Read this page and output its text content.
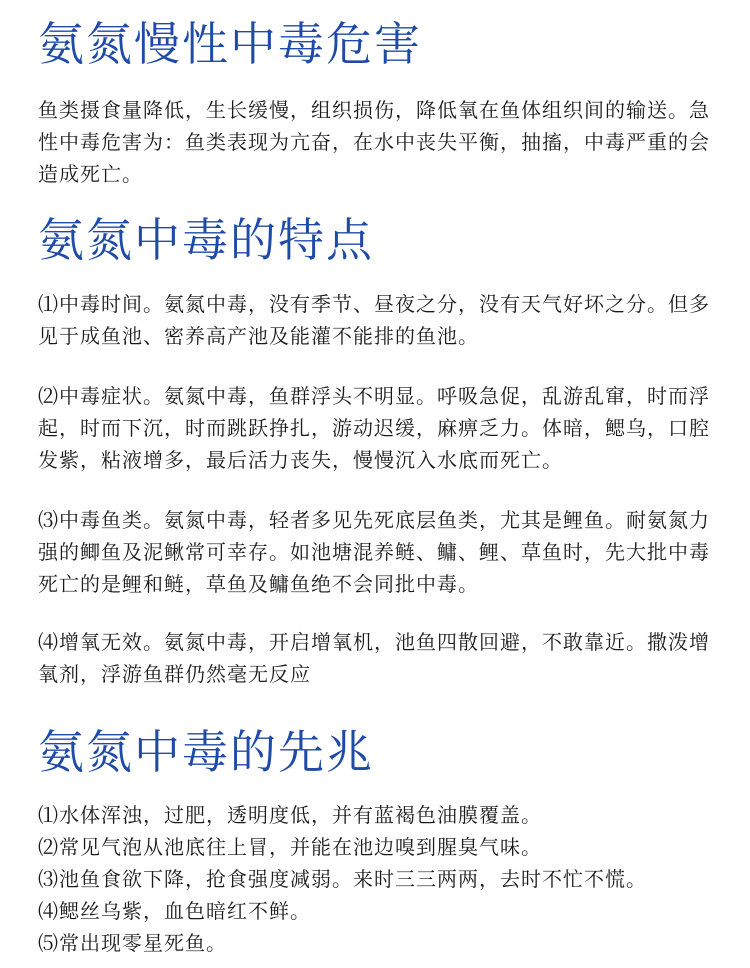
氨氮慢性中毒危害

鱼类摄食量降低，生长缓慢，组织损伤，降低氧在鱼体组织间的输送。急性中毒危害为：鱼类表现为亢奋，在水中丧失平衡，抽搐，中毒严重的会造成死亡。

氨氮中毒的特点

⑴中毒时间。氨氮中毒，没有季节、昼夜之分，没有天气好坏之分。但多见于成鱼池、密养高产池及能灌不能排的鱼池。

⑵中毒症状。氨氮中毒，鱼群浮头不明显。呼吸急促，乱游乱窜，时而浮起，时而下沉，时而跳跃挣扎，游动迟缓，麻痹乏力。体暗，鳃乌，口腔发紫，粘液增多，最后活力丧失，慢慢沉入水底而死亡。

⑶中毒鱼类。氨氮中毒，轻者多见先死底层鱼类，尤其是鲤鱼。耐氨氮力强的鲫鱼及泥鳅常可幸存。如池塘混养鲢、鳙、鲤、草鱼时，先大批中毒死亡的是鲤和鲢，草鱼及鳙鱼绝不会同批中毒。

⑷增氧无效。氨氮中毒，开启增氧机，池鱼四散回避，不敢靠近。撒泼增氧剂，浮游鱼群仍然毫无反应

氨氮中毒的先兆

⑴水体浑浊，过肥，透明度低，并有蓝褐色油膜覆盖。

⑵常见气泡从池底往上冒，并能在池边嗅到腥臭气味。

⑶池鱼食欲下降，抢食强度减弱。来时三三两两，去时不忙不慌。

⑷鳃丝乌紫，血色暗红不鲜。

⑸常出现零星死鱼。
